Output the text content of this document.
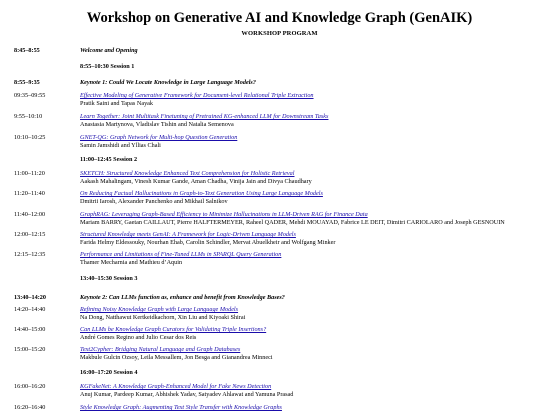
Workshop on Generative AI and Knowledge Graph (GenAIK)
WORKSHOP PROGRAM
8:45–8:55	Welcome and Opening
8:55–10:30 Session 1
8:55–9:35	Keynote 1: Could We Locate Knowledge in Large Language Models?
09:35–09:55	Effective Modeling of Generative Framework for Document-level Relational Triple Extraction
Pratik Saini and Tapas Nayak
9:55–10:10	Learn Together: Joint Multitask Finetuning of Pretrained KG-enhanced LLM for Downstream Tasks
Anastasia Martynova, Vladislav Tishin and Natalia Semenova
10:10–10:25	GNET-QG: Graph Network for Multi-hop Question Generation
Samin Jamshidi and Yllias Chali
11:00–12:45 Session 2
11:00–11:20	SKETCH: Structured Knowledge Enhanced Text Comprehension for Holistic Retrieval
Aakash Mahalingam, Vinesh Kumar Gande, Aman Chadha, Vinija Jain and Divya Chaudhary
11:20–11:40	On Reducing Factual Hallucinations in Graph-to-Text Generation Using Large Language Models
Dmitrii Iarosh, Alexander Panchenko and Mikhail Salnikov
11:40–12:00	GraphRAG: Leveraging Graph-Based Efficiency to Minimize Hallucinations in LLM-Driven RAG for Finance Data
Mariam BARRY, Gaetan CAILLAUT, Pierre HALFTERMEYER, Raheel QADER, Mehdi MOUAYAD, Fabrice LE DEIT, Dimitri CARIOLARO and Joseph GESNOUIN
12:00–12:15	Structured Knowledge meets GenAI: A Framework for Logic-Driven Language Models
Farida Helmy Eldessouky, Nourhan Ehab, Carolin Schindler, Mervat Abuelkheir and Wolfgang Minker
12:15–12:35	Performance and Limitations of Fine-Tuned LLMs in SPARQL Query Generation
Thamer Mecharnia and Mathieu d’Aquin
13:40–15:30 Session 3
13:40–14:20	Keynote 2: Can LLMs function as, enhance and benefit from Knowledge Bases?
14:20–14:40	Refining Noisy Knowledge Graph with Large Language Models
Na Dong, Natthawut Kertkeidkachorn, Xin Liu and Kiyoaki Shirai
14:40–15:00	Can LLMs be Knowledge Graph Curators for Validating Triple Insertions?
André Gomes Regino and Julio Cesar dos Reis
15:00–15:20	Text2Cypher: Bridging Natural Language and Graph Databases
Makbule Gulcin Ozsoy, Leila Messallem, Jon Besga and Gianandrea Minneci
16:00–17:20 Session 4
16:00–16:20	KGFakeNet: A Knowledge Graph-Enhanced Model for Fake News Detection
Anuj Kumar, Pardeep Kumar, Abhishek Yadav, Satyadev Ahlawat and Yamuna Prasad
16:20–16:40	Style Knowledge Graph: Augmenting Text Style Transfer with Knowledge Graphs
